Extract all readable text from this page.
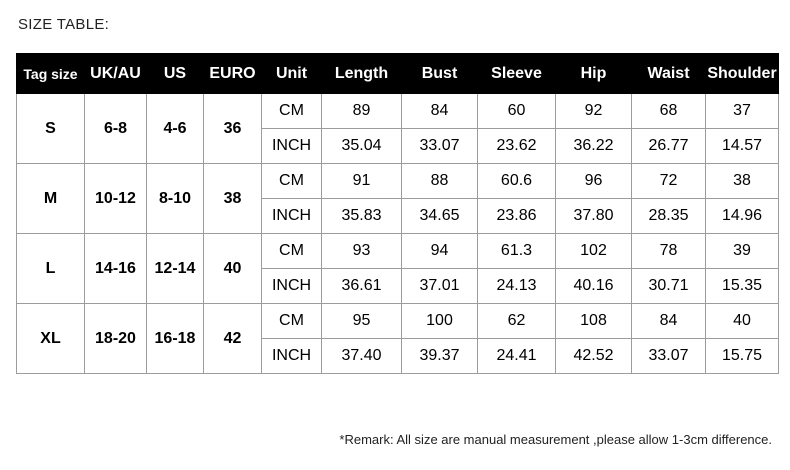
SIZE TABLE:
Tag size	UK/AU	US	EURO	Unit	Length	Bust	Sleeve	Hip	Waist	Shoulder
S	6-8	4-6	36	CM	89	84	60	92	68	37
				INCH	35.04	33.07	23.62	36.22	26.77	14.57
M	10-12	8-10	38	CM	91	88	60.6	96	72	38
				INCH	35.83	34.65	23.86	37.80	28.35	14.96
L	14-16	12-14	40	CM	93	94	61.3	102	78	39
				INCH	36.61	37.01	24.13	40.16	30.71	15.35
XL	18-20	16-18	42	CM	95	100	62	108	84	40
				INCH	37.40	39.37	24.41	42.52	33.07	15.75
*Remark: All size are manual measurement ,please allow 1-3cm difference.
